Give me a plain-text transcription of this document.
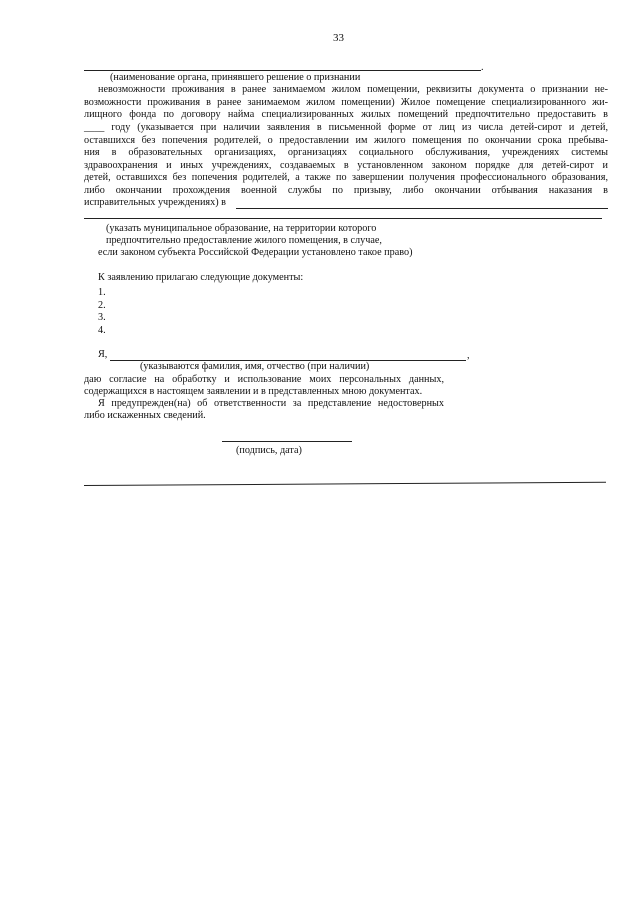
33
.
(наименование органа, принявшего решение о признании
невозможности проживания в ранее занимаемом жилом помещении, реквизиты документа о признании не-
возможности проживания в ранее занимаемом жилом помещении) Жилое помещение специализированного жи-
лищного фонда по договору найма специализированных жилых помещений предпочтительно предоставить в
____ году (указывается при наличии заявления в письменной форме от лиц из числа детей-сирот и детей,
оставшихся без попечения родителей, о предоставлении им жилого помещения по окончании срока пребыва-
ния в образовательных организациях, организациях социального обслуживания, учреждениях системы
здравоохранения и иных учреждениях, создаваемых в установленном законом порядке для детей-сирот и
детей, оставшихся без попечения родителей, а также по завершении получения профессионального образования,
либо окончании прохождения военной службы по призыву, либо окончании отбывания наказания в
исправительных учреждениях) в
(указать муниципальное образование, на территории которого
предпочтительно предоставление жилого помещения, в случае,
если законом субъекта Российской Федерации установлено такое право)
К заявлению прилагаю следующие документы:
1.
2.
3.
4.
Я,	,
(указываются фамилия, имя, отчество (при наличии)
даю согласие на обработку и использование моих персональных данных,
содержащихся в настоящем заявлении и в представленных мною документах.
Я предупрежден(на) об ответственности за представление недостоверных
либо искаженных сведений.
(подпись, дата)
